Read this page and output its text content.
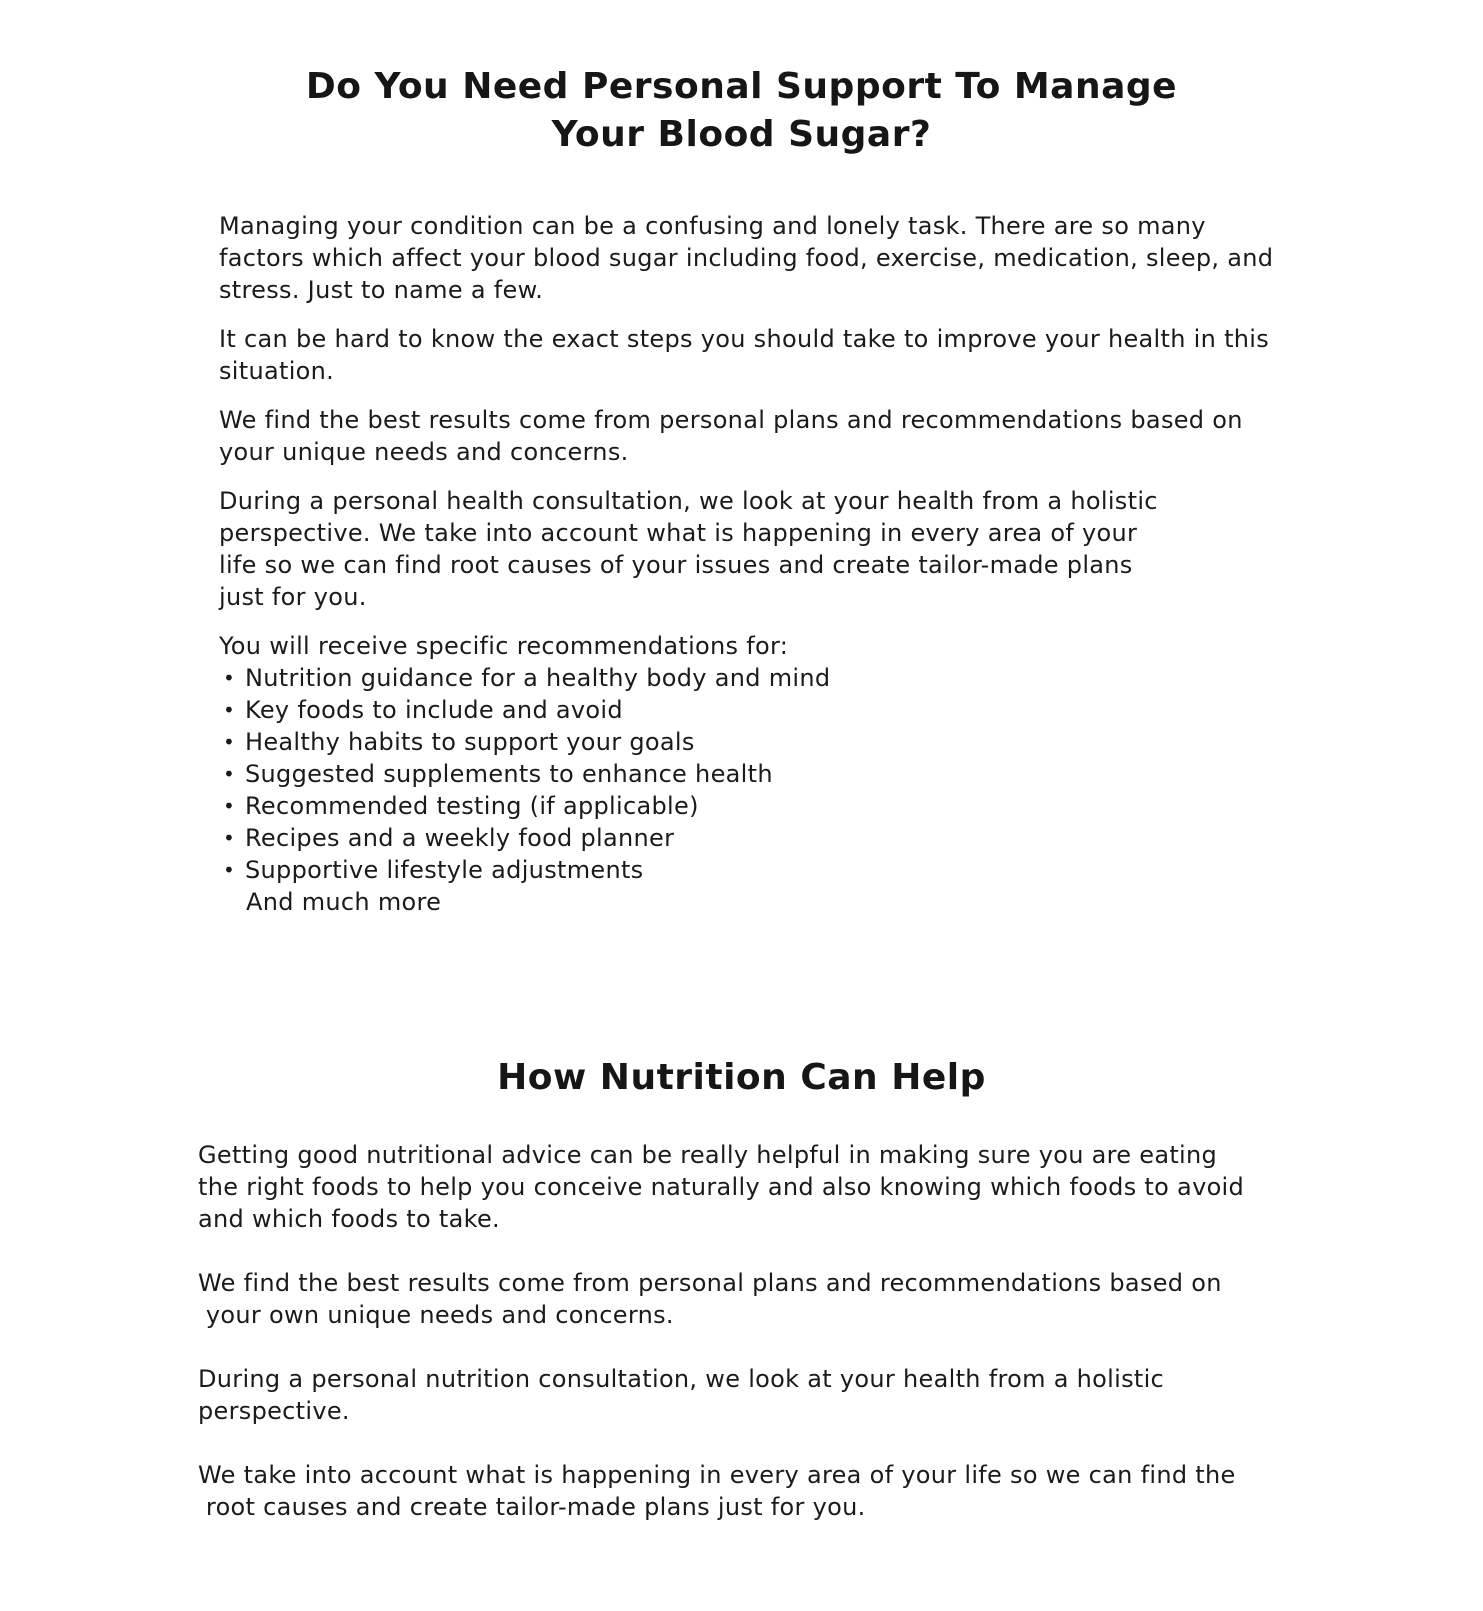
Do You Need Personal Support To Manage
Your Blood Sugar?

Managing your condition can be a confusing and lonely task. There are so many
factors which affect your blood sugar including food, exercise, medication, sleep, and
stress. Just to name a few.

It can be hard to know the exact steps you should take to improve your health in this
situation.

We find the best results come from personal plans and recommendations based on
your unique needs and concerns.

During a personal health consultation, we look at your health from a holistic
perspective. We take into account what is happening in every area of your
life so we can find root causes of your issues and create tailor-made plans
just for you.

You will receive specific recommendations for:
• Nutrition guidance for a healthy body and mind
• Key foods to include and avoid
• Healthy habits to support your goals
• Suggested supplements to enhance health
• Recommended testing (if applicable)
• Recipes and a weekly food planner
• Supportive lifestyle adjustments
And much more
How Nutrition Can Help

Getting good nutritional advice can be really helpful in making sure you are eating
the right foods to help you conceive naturally and also knowing which foods to avoid
and which foods to take.

We find the best results come from personal plans and recommendations based on
your own unique needs and concerns.

During a personal nutrition consultation, we look at your health from a holistic
perspective.

We take into account what is happening in every area of your life so we can find the
root causes and create tailor-made plans just for you.
